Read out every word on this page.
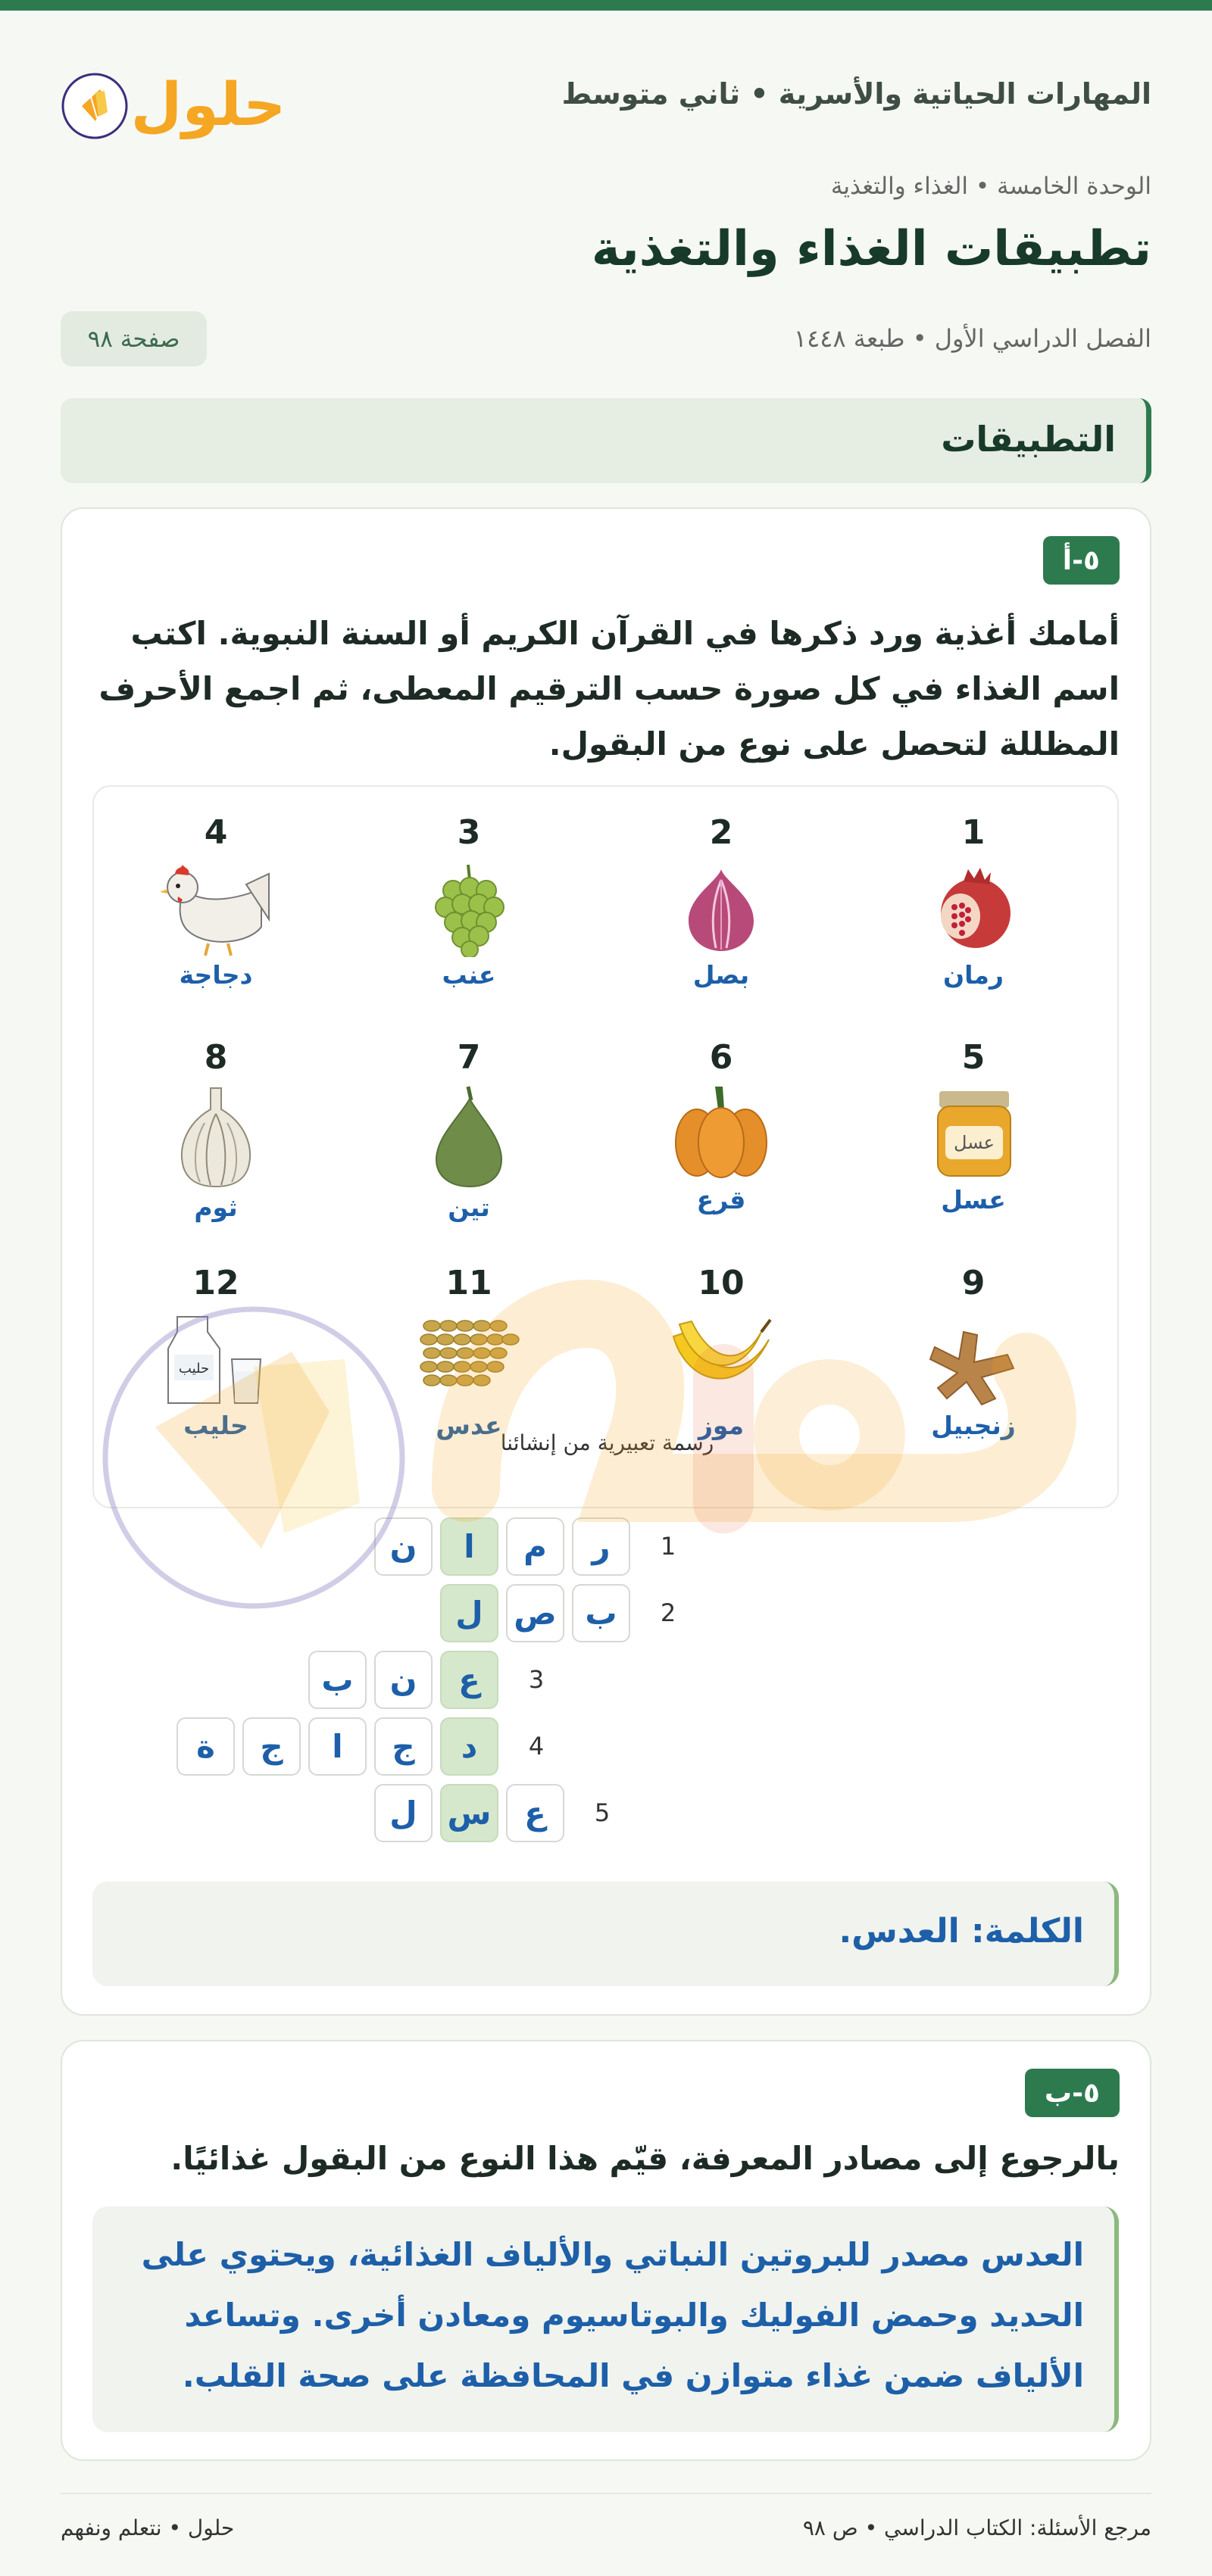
المهارات الحياتية والأسرية • ثاني متوسط
حلول
الوحدة الخامسة • الغذاء والتغذية
تطبيقات الغذاء والتغذية
الفصل الدراسي الأول • طبعة ١٤٤٨
صفحة ٩٨
التطبيقات
٥-أ
أمامك أغذية ورد ذكرها في القرآن الكريم أو السنة النبوية. اكتب اسم الغذاء في كل صورة حسب الترقيم المعطى، ثم اجمع الأحرف المظللة لتحصل على نوع من البقول.
1
رمان
2
بصل
3
عنب
4
دجاجة
5
عسل
عسل
6
قرع
7
تين
8
ثوم
9
زنجبيل
10
موز
11
عدس
12
حليب
حليب
رسمة تعبيرية من إنشائنا
1
ر
م
ا
ن
2
ب
ص
ل
3
ع
ن
ب
4
د
ج
ا
ج
ة
5
ع
س
ل
الكلمة: العدس.
٥-ب
بالرجوع إلى مصادر المعرفة، قيّم هذا النوع من البقول غذائيًا.

العدس مصدر للبروتين النباتي والألياف الغذائية، ويحتوي على الحديد وحمض الفوليك والبوتاسيوم ومعادن أخرى. وتساعد الألياف ضمن غذاء متوازن في المحافظة على صحة القلب.

مرجع الأسئلة: الكتاب الدراسي • ص ٩٨
حلول • نتعلم ونفهم
